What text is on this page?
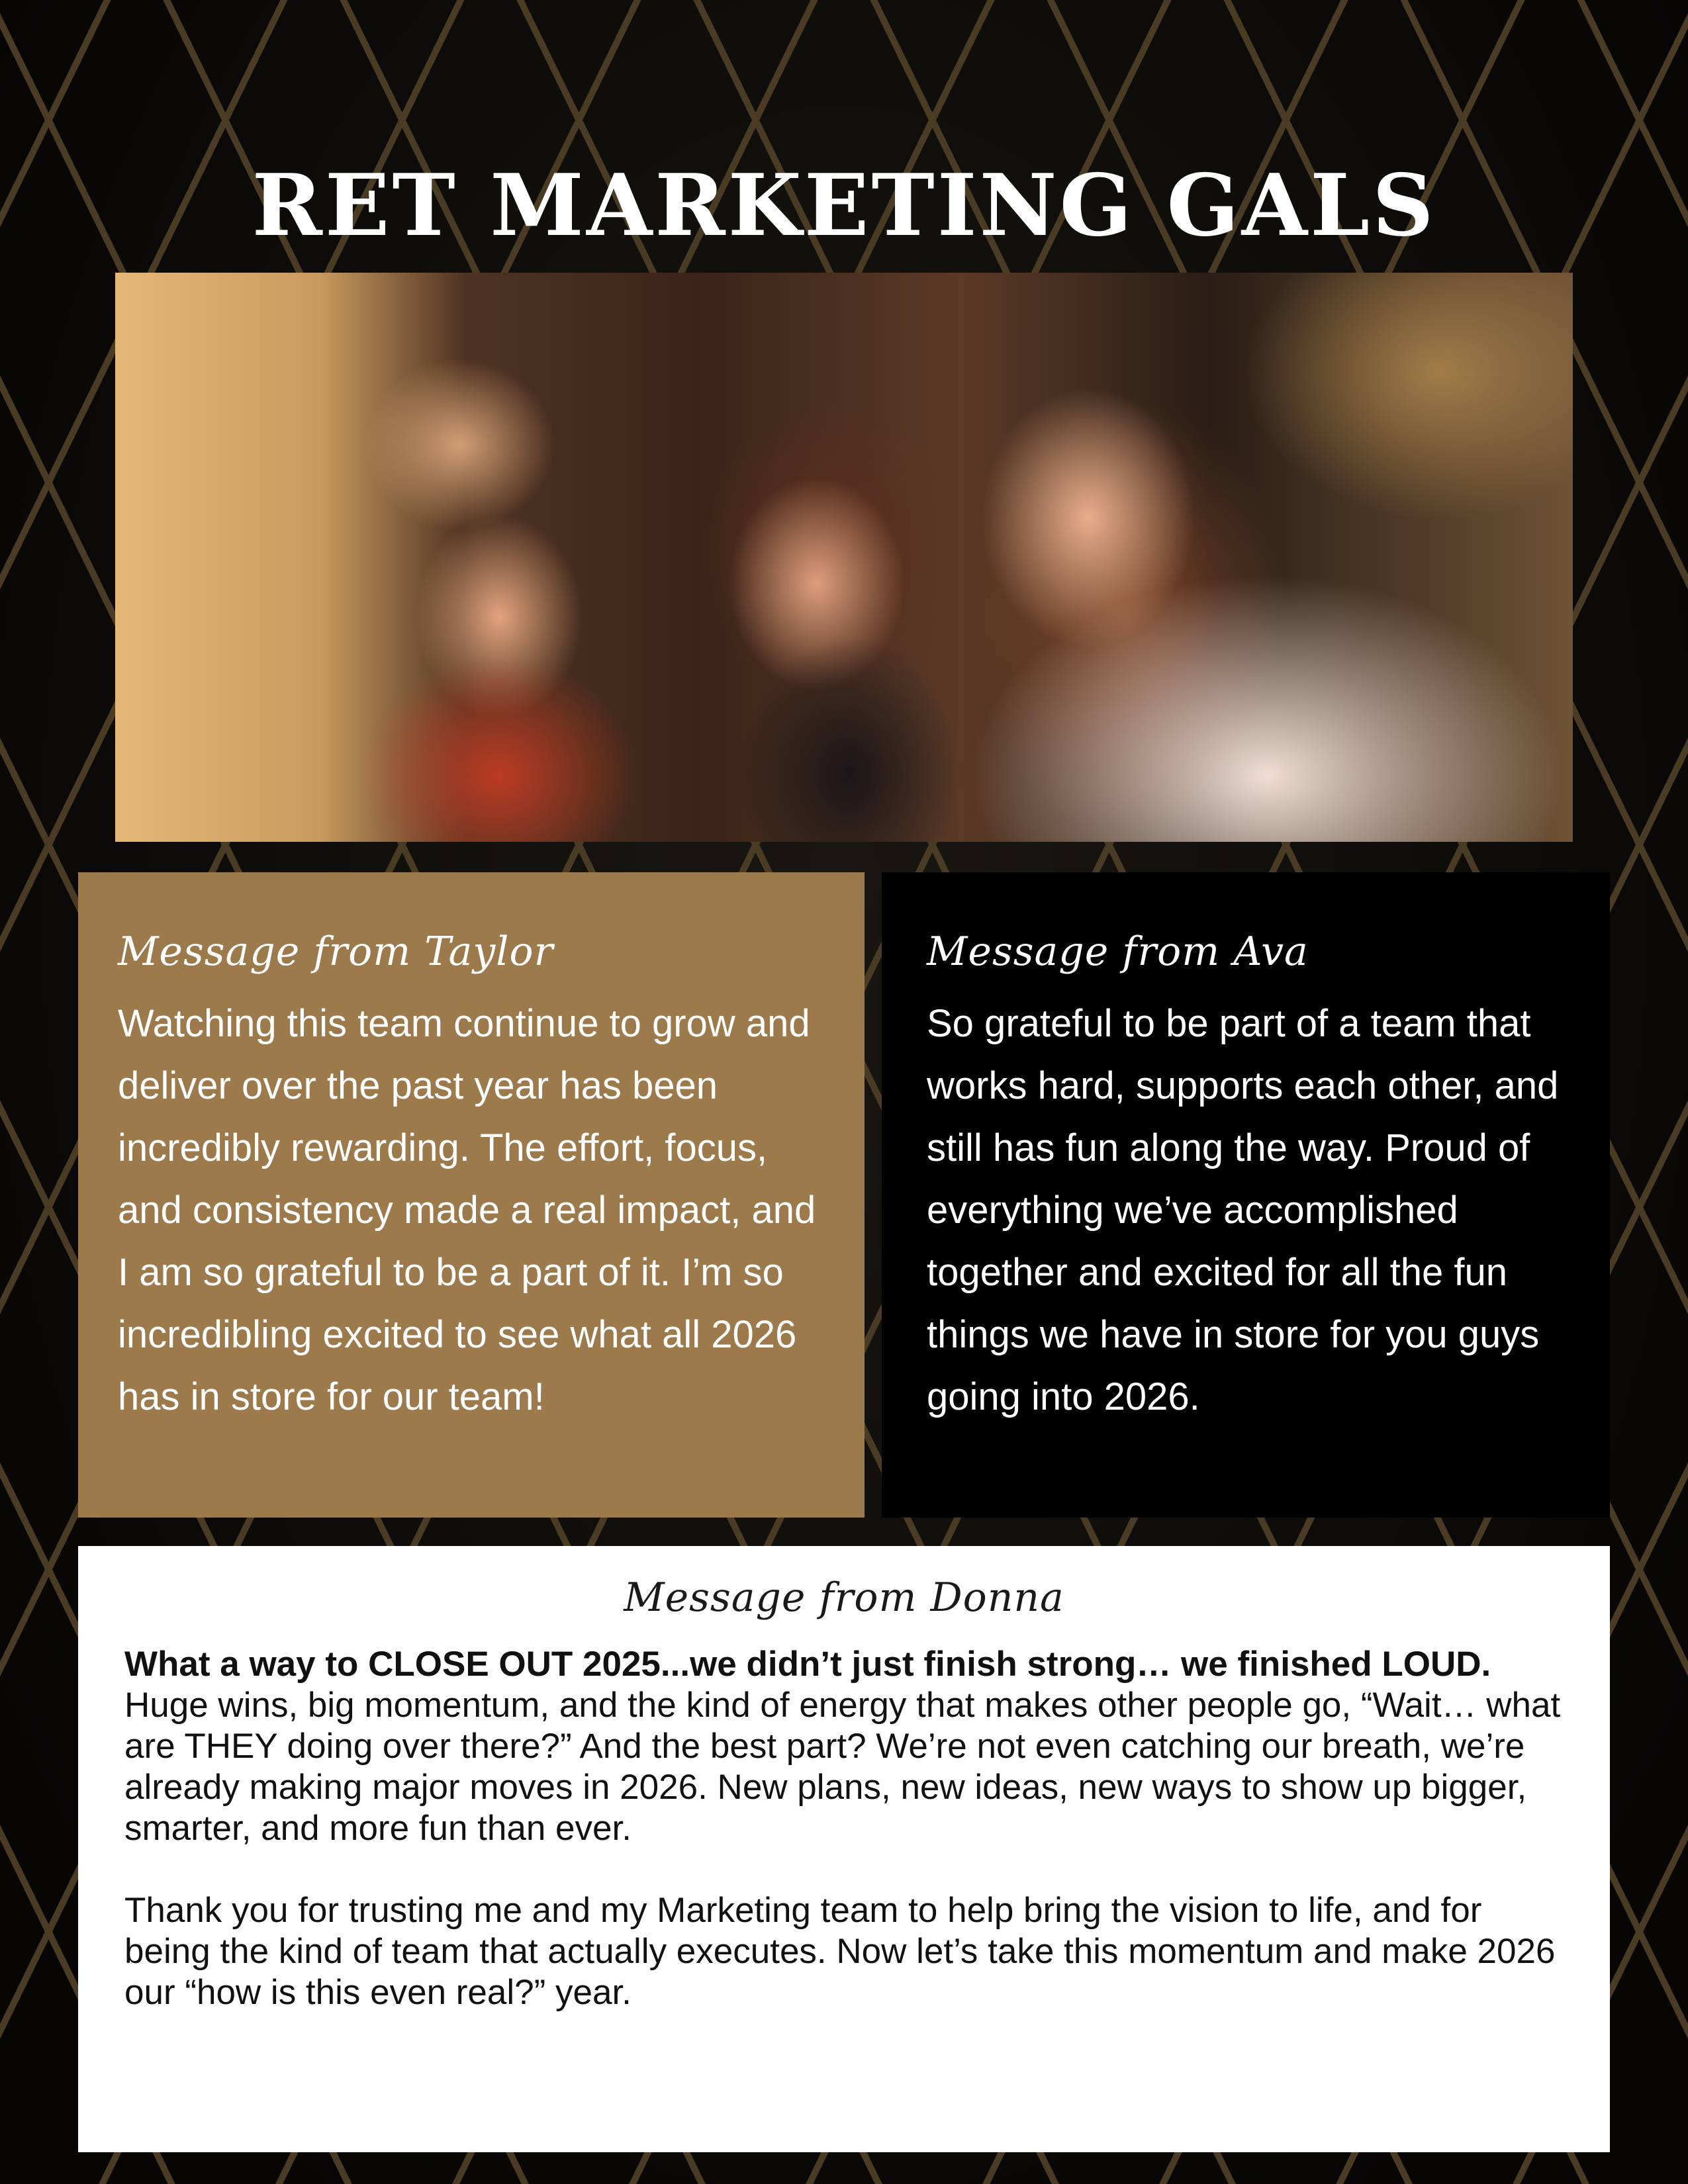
RET MARKETING GALS

Message from Taylor

Watching this team continue to grow and deliver over the past year has been incredibly rewarding. The effort, focus, and consistency made a real impact, and I am so grateful to be a part of it. I’m so incredibling excited to see what all 2026 has in store for our team!

Message from Ava

So grateful to be part of a team that works hard, supports each other, and still has fun along the way. Proud of everything we’ve accomplished together and excited for all the fun things we have in store for you guys going into 2026.

Message from Donna

What a way to CLOSE OUT 2025...we didn’t just finish strong… we finished LOUD. Huge wins, big momentum, and the kind of energy that makes other people go, “Wait… what are THEY doing over there?” And the best part? We’re not even catching our breath, we’re already making major moves in 2026. New plans, new ideas, new ways to show up bigger, smarter, and more fun than ever.

Thank you for trusting me and my Marketing team to help bring the vision to life, and for being the kind of team that actually executes. Now let’s take this momentum and make 2026 our “how is this even real?” year.
